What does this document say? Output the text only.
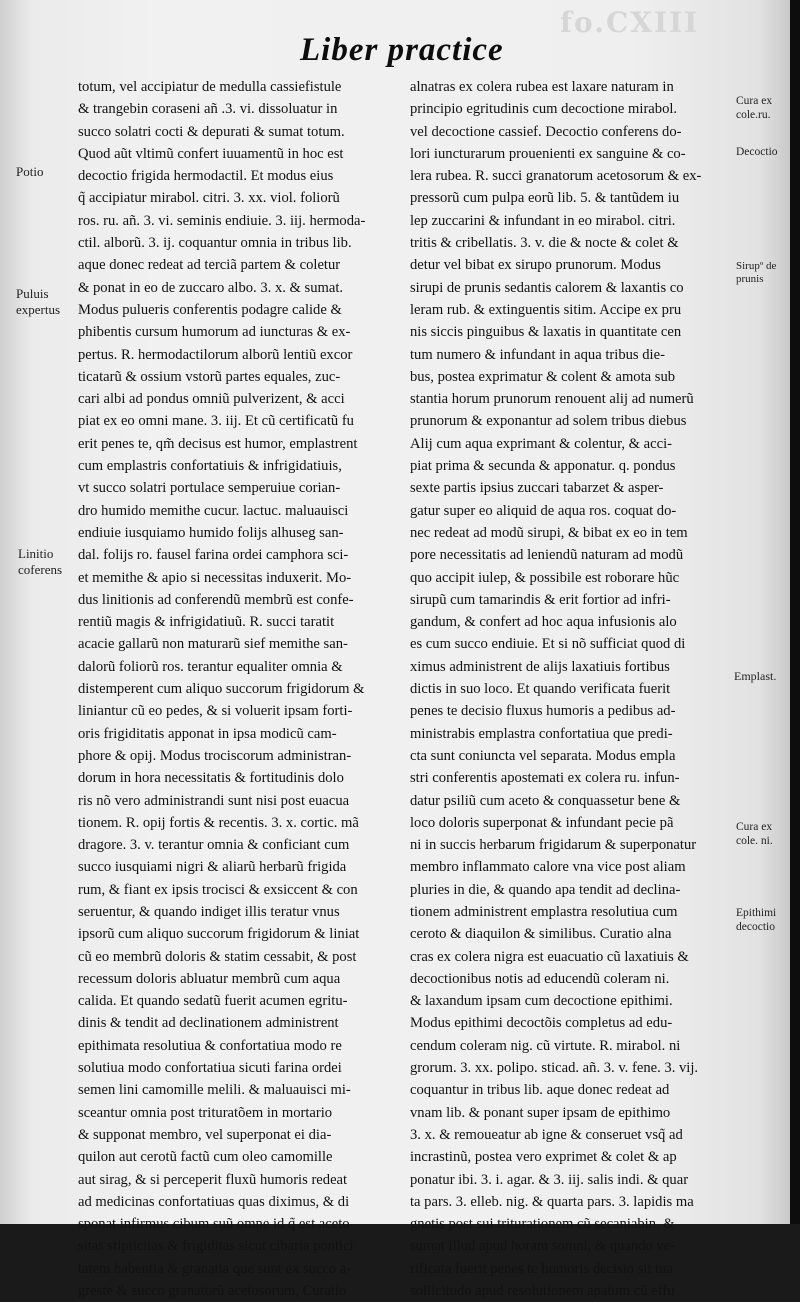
fo.CXIII
Liber practice
Potio
Puluis
expertus
Linitio
coferens
Cura ex
cole.ru.
Decoctio
Sirupº de
prunis
Emplast.
Cura ex
cole. ni.
Epithimi
decoctio
totum, vel accipiatur de medulla cassiefistule
& trangebin coraseni añ .3. vi. dissoluatur in
succo solatri cocti & depurati & sumat totum.
Quod aũt vltimũ confert iuuamentũ in hoc est
decoctio frigida hermodactil. Et modus eius
q̃ accipiatur mirabol. citri. 3. xx. viol. foliorũ
ros. ru. añ. 3. vi. seminis endiuie. 3. iij. hermoda-
ctil. alborũ. 3. ij. coquantur omnia in tribus lib.
aque donec redeat ad terciã partem & coletur
& ponat in eo de zuccaro albo. 3. x. & sumat.
Modus pulueris conferentis podagre calide &
phibentis cursum humorum ad iuncturas & ex-
pertus. R. hermodactilorum alborũ lentiũ excor
ticatarũ & ossium vstorũ partes equales, zuc-
cari albi ad pondus omniũ pulverizent, & acci
piat ex eo omni mane. 3. iij. Et cũ certificatũ fu
erit penes te, qm̃ decisus est humor, emplastrent
cum emplastris confortatiuis & infrigidatiuis,
vt succo solatri portulace semperuiue corian-
dro humido memithe cucur. lactuc. maluauisci
endiuie iusquiamo humido folijs alhuseg san-
dal. folijs ro. fausel farina ordei camphora sci-
et memithe & apio si necessitas induxerit. Mo-
dus linitionis ad conferendũ membrũ est confe-
rentiũ magis & infrigidatiuũ. R. succi taratit
acacie gallarũ non maturarũ sief memithe san-
dalorũ foliorũ ros. terantur equaliter omnia &
distemperent cum aliquo succorum frigidorum &
liniantur cũ eo pedes, & si voluerit ipsam forti-
oris frigiditatis apponat in ipsa modicũ cam-
phore & opij. Modus trociscorum administran-
dorum in hora necessitatis & fortitudinis dolo
ris nõ vero administrandi sunt nisi post euacua
tionem. R. opij fortis & recentis. 3. x. cortic. mã
dragore. 3. v. terantur omnia & conficiant cum
succo iusquiami nigri & aliarũ herbarũ frigida
rum, & fiant ex ipsis trocisci & exsiccent & con
seruentur, & quando indiget illis teratur vnus
ipsorũ cum aliquo succorum frigidorum & liniat
cũ eo membrũ doloris & statim cessabit, & post
recessum doloris abluatur membrũ cum aqua
calida. Et quando sedatũ fuerit acumen egritu-
dinis & tendit ad declinationem administrent
epithimata resolutiua & confortatiua modo re
solutiua modo confortatiua sicuti farina ordei
semen lini camomille melili. & maluauisci mi-
sceantur omnia post trituratõem in mortario
& supponat membro, vel superponat ei dia-
quilon aut cerotũ factũ cum oleo camomille
aut sirag, & si perceperit fluxũ humoris redeat
ad medicinas confortatiuas quas diximus, & di
sponat infirmus cibum suũ omne id q̃ est aceto
sitas stipticitas & frigiditas sicut cibaria pontici
tatem habentia & granatia que sunt ex succo a-
greste & succo granatorũ acetosorum, Curatio
alnatras ex colera rubea est laxare naturam in
principio egritudinis cum decoctione mirabol.
vel decoctione cassief. Decoctio conferens do-
lori iuncturarum prouenienti ex sanguine & co-
lera rubea. R. succi granatorum acetosorum & ex-
pressorũ cum pulpa eorũ lib. 5. & tantũdem iu
lep zuccarini & infundant in eo mirabol. citri.
tritis & cribellatis. 3. v. die & nocte & colet &
detur vel bibat ex sirupo prunorum. Modus
sirupi de prunis sedantis calorem & laxantis co
leram rub. & extinguentis sitim. Accipe ex pru
nis siccis pinguibus & laxatis in quantitate cen
tum numero & infundant in aqua tribus die-
bus, postea exprimatur & colent & amota sub
stantia horum prunorum renouent alij ad numerũ
prunorum & exponantur ad solem tribus diebus
Alij cum aqua exprimant & colentur, & acci-
piat prima & secunda & apponatur. q. pondus
sexte partis ipsius zuccari tabarzet & asper-
gatur super eo aliquid de aqua ros. coquat do-
nec redeat ad modũ sirupi, & bibat ex eo in tem
pore necessitatis ad leniendũ naturam ad modũ
quo accipit iulep, & possibile est roborare hũc
sirupũ cum tamarindis & erit fortior ad infri-
gandum, & confert ad hoc aqua infusionis alo
es cum succo endiuie. Et si nõ sufficiat quod di
ximus administrent de alijs laxatiuis fortibus
dictis in suo loco. Et quando verificata fuerit
penes te decisio fluxus humoris a pedibus ad-
ministrabis emplastra confortatiua que predi-
cta sunt coniuncta vel separata. Modus empla
stri conferentis apostemati ex colera ru. infun-
datur psiliũ cum aceto & conquassetur bene &
loco doloris superponat & infundant pecie pã
ni in succis herbarum frigidarum & superponatur
membro inflammato calore vna vice post aliam
pluries in die, & quando apa tendit ad declina-
tionem administrent emplastra resolutiua cum
ceroto & diaquilon & similibus. Curatio alna
cras ex colera nigra est euacuatio cũ laxatiuis &
decoctionibus notis ad educendũ coleram ni.
& laxandum ipsam cum decoctione epithimi.
Modus epithimi decoctõis completus ad edu-
cendum coleram nig. cũ virtute. R. mirabol. ni
grorum. 3. xx. polipo. sticad. añ. 3. v. fene. 3. vij.
coquantur in tribus lib. aque donec redeat ad
vnam lib. & ponant super ipsam de epithimo
3. x. & remoueatur ab igne & conseruet vsq̃ ad
incrastinũ, postea vero exprimet & colet & ap
ponatur ibi. 3. i. agar. & 3. iij. salis indi. & quar
ta pars. 3. elleb. nig. & quarta pars. 3. lapidis ma
gnetis post sui triturationem cũ secaniabin, &
sumat illud apud horam somni, & quando ve-
rificata fuerit penes te humoris decisio sit tua
sollicitudo apud resolutionem apatum cũ effu
